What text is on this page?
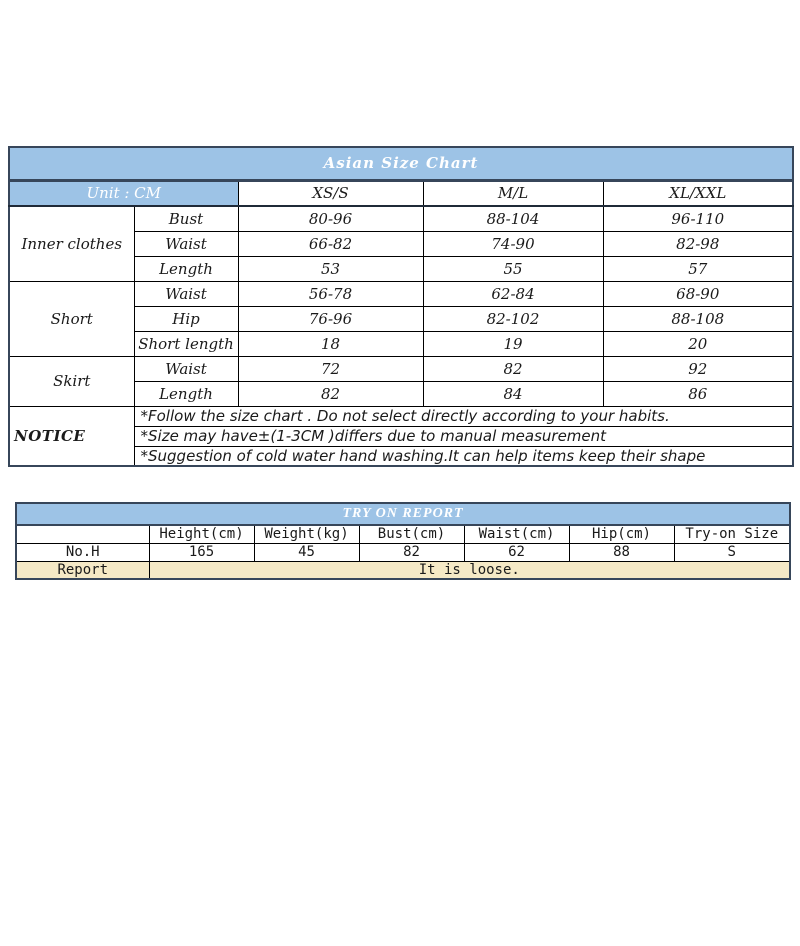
Asian Size Chart				
Unit : CM		XS/S	M/L	XL/XXL
Inner clothes	Bust	80-96	88-104	96-110
	Waist	66-82	74-90	82-98
	Length	53	55	57
Short	Waist	56-78	62-84	68-90
	Hip	76-96	82-102	88-108
	Short length	18	19	20
Skirt	Waist	72	82	92
	Length	82	84	86
NOTICE	*Follow the size chart . Do not select directly according to your habits.			
	*Size may have±(1-3CM )differs due to manual measurement			
	*Suggestion of cold water hand washing.It can help items keep their shape			
TRY ON REPORT						
	Height(cm)	Weight(kg)	Bust(cm)	Waist(cm)	Hip(cm)	Try-on Size
No.H	165	45	82	62	88	S
Report	It is loose.					
